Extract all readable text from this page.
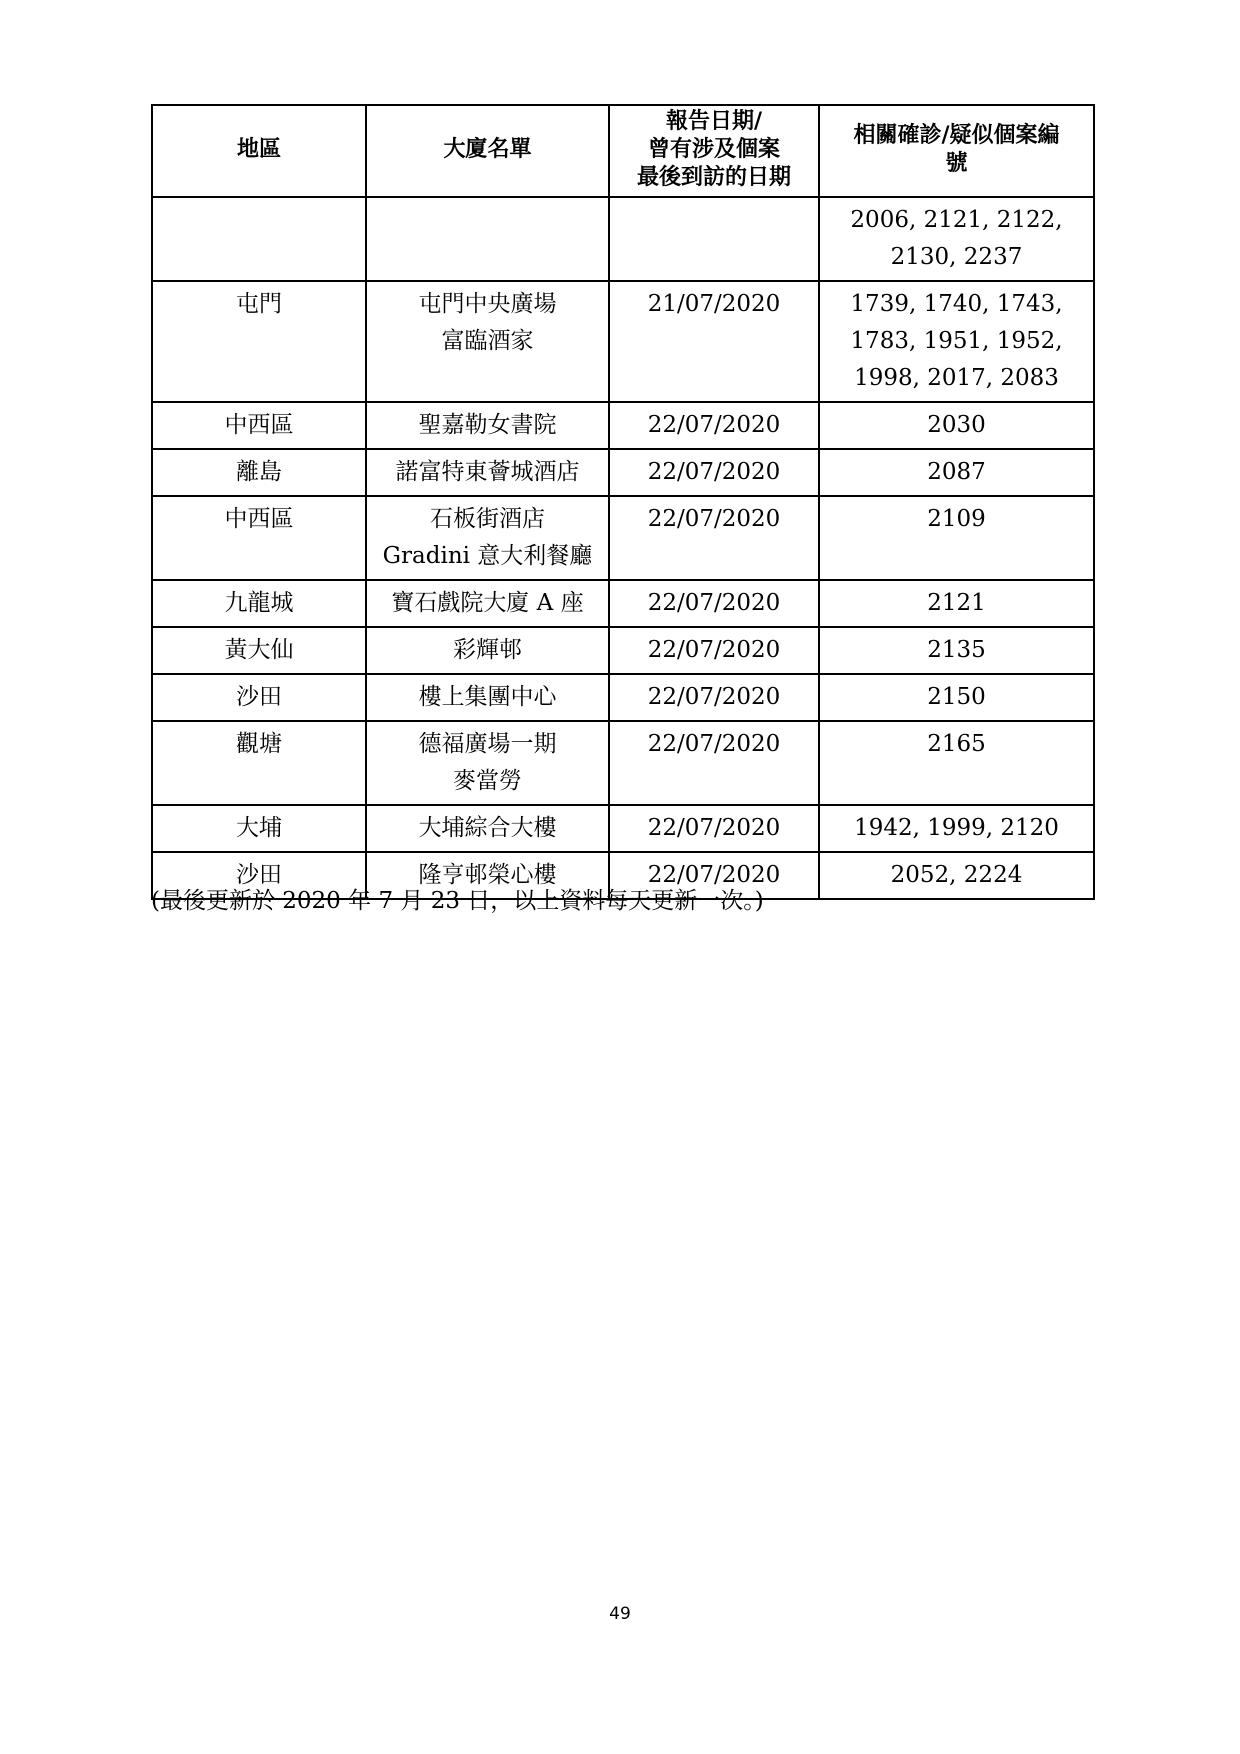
地區	大廈名單	報告日期/
曾有涉及個案
最後到訪的日期	相關確診/疑似個案編
號

			2006, 2121, 2122,
2130, 2237

屯門	屯門中央廣場
富臨酒家	21/07/2020	1739, 1740, 1743,
1783, 1951, 1952,
1998, 2017, 2083

中西區	聖嘉勒女書院	22/07/2020	2030

離島	諾富特東薈城酒店	22/07/2020	2087

中西區	石板街酒店
Gradini 意大利餐廳	22/07/2020	2109

九龍城	寶石戲院大廈 A 座	22/07/2020	2121

黃大仙	彩輝邨	22/07/2020	2135

沙田	樓上集團中心	22/07/2020	2150

觀塘	德福廣場一期
麥當勞	22/07/2020	2165

大埔	大埔綜合大樓	22/07/2020	1942, 1999, 2120

沙田	隆亨邨榮心樓	22/07/2020	2052, 2224
(最後更新於 2020 年 7 月 23 日，以上資料每天更新一次。)
49
